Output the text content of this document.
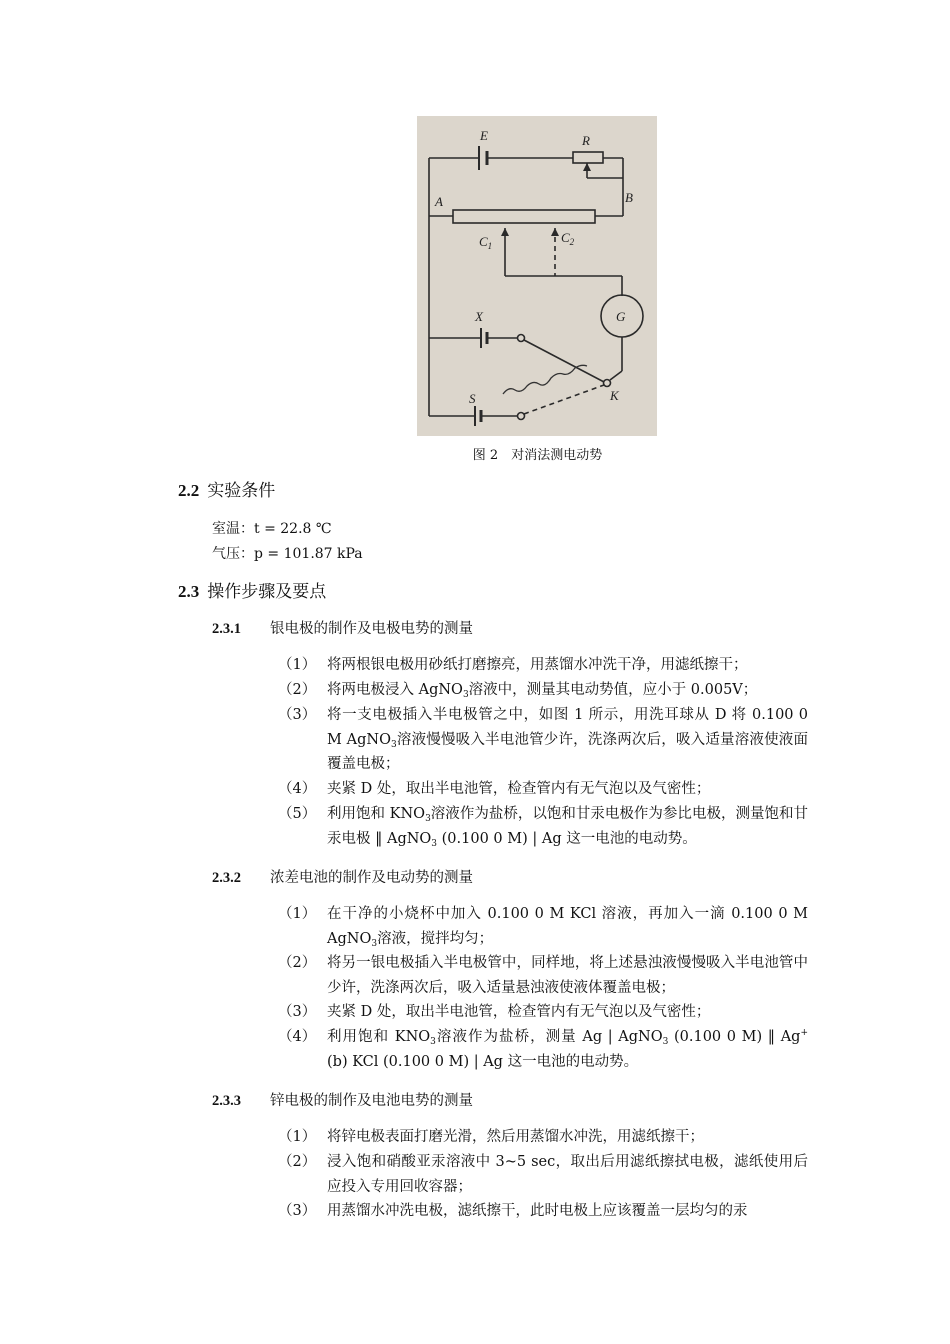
E	R
A	B
$C_1$
$C_2$
G
X
S	K
图 2　对消法测电动势
2.2 实验条件
室温：t = 22.8 ℃
气压：p = 101.87 kPa
2.3 操作步骤及要点
2.3.1 银电极的制作及电极电势的测量
（1） 将两根银电极用砂纸打磨擦亮，用蒸馏水冲洗干净，用滤纸擦干；
（2） 将两电极浸入 AgNO$_3$溶液中，测量其电动势值，应小于 0.005V；
（3） 将一支电极插入半电极管之中，如图 1 所示，用洗耳球从 D 将 0.100 0 M AgNO$_3$溶液慢慢吸入半电池管少许，洗涤两次后，吸入适量溶液使液面覆盖电极；
（4） 夹紧 D 处，取出半电池管，检查管内有无气泡以及气密性；
（5） 利用饱和 $KNO_3$溶液作为盐桥，以饱和甘汞电极作为参比电极，测量饱和甘汞电极 ‖ AgNO$_3$ (0.100 0 M) | Ag 这一电池的电动势。
2.3.2 浓差电池的制作及电动势的测量
（1） 在干净的小烧杯中加入 0.100 0 M KCl 溶液，再加入一滴 0.100 0 M AgNO$_3$溶液，搅拌均匀；
（2） 将另一银电极插入半电极管中，同样地，将上述悬浊液慢慢吸入半电池管中少许，洗涤两次后，吸入适量悬浊液使液体覆盖电极；
（3） 夹紧 D 处，取出半电池管，检查管内有无气泡以及气密性；
（4） 利用饱和 $KNO_3$溶液作为盐桥，测量 Ag | AgNO$_3$ (0.100 0 M) ‖ Ag+ (b) KCl (0.100 0 M) | Ag 这一电池的电动势。
2.3.3 锌电极的制作及电池电势的测量
（1） 将锌电极表面打磨光滑，然后用蒸馏水冲洗，用滤纸擦干；
（2） 浸入饱和硝酸亚汞溶液中 3~5 sec，取出后用滤纸擦拭电极，滤纸使用后应投入专用回收容器；
（3） 用蒸馏水冲洗电极，滤纸擦干，此时电极上应该覆盖一层均匀的汞
